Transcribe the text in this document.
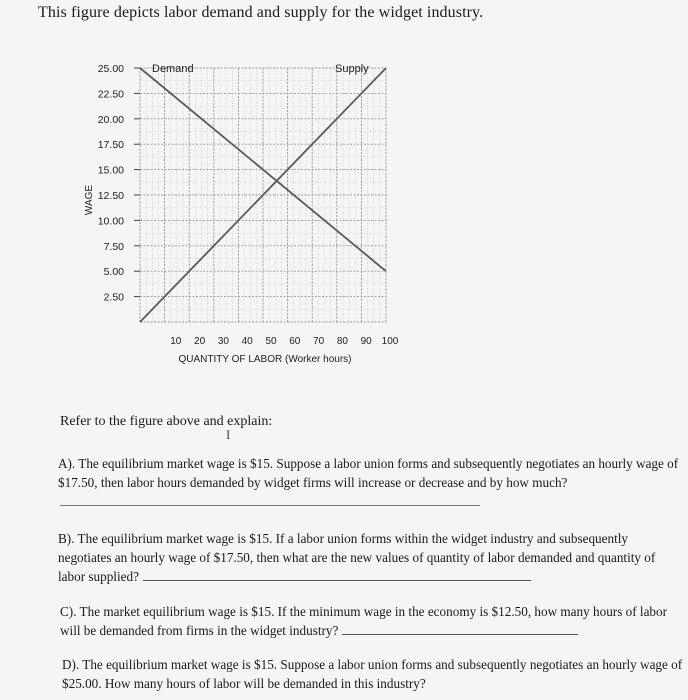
This figure depicts labor demand and supply for the widget industry.
Demand	Supply
25.00
22.50
20.00
17.50
15.00
12.50
10.00
7.50
5.00
2.50
10 20 30 40 50 60 70 80 90 100
QUANTITY OF LABOR (Worker hours)
WAGE
Refer to the figure above and explain:
Ι
A). The equilibrium market wage is $15. Suppose a labor union forms and subsequently negotiates an hourly wage of $17.50, then labor hours demanded by widget firms will increase or decrease and by how much?
B). The equilibrium market wage is $15. If a labor union forms within the widget industry and subsequently negotiates an hourly wage of $17.50, then what are the new values of quantity of labor demanded and quantity of labor supplied?
C). The market equilibrium wage is $15. If the minimum wage in the economy is $12.50, how many hours of labor will be demanded from firms in the widget industry?
D). The equilibrium market wage is $15. Suppose a labor union forms and subsequently negotiates an hourly wage of $25.00. How many hours of labor will be demanded in this industry?
